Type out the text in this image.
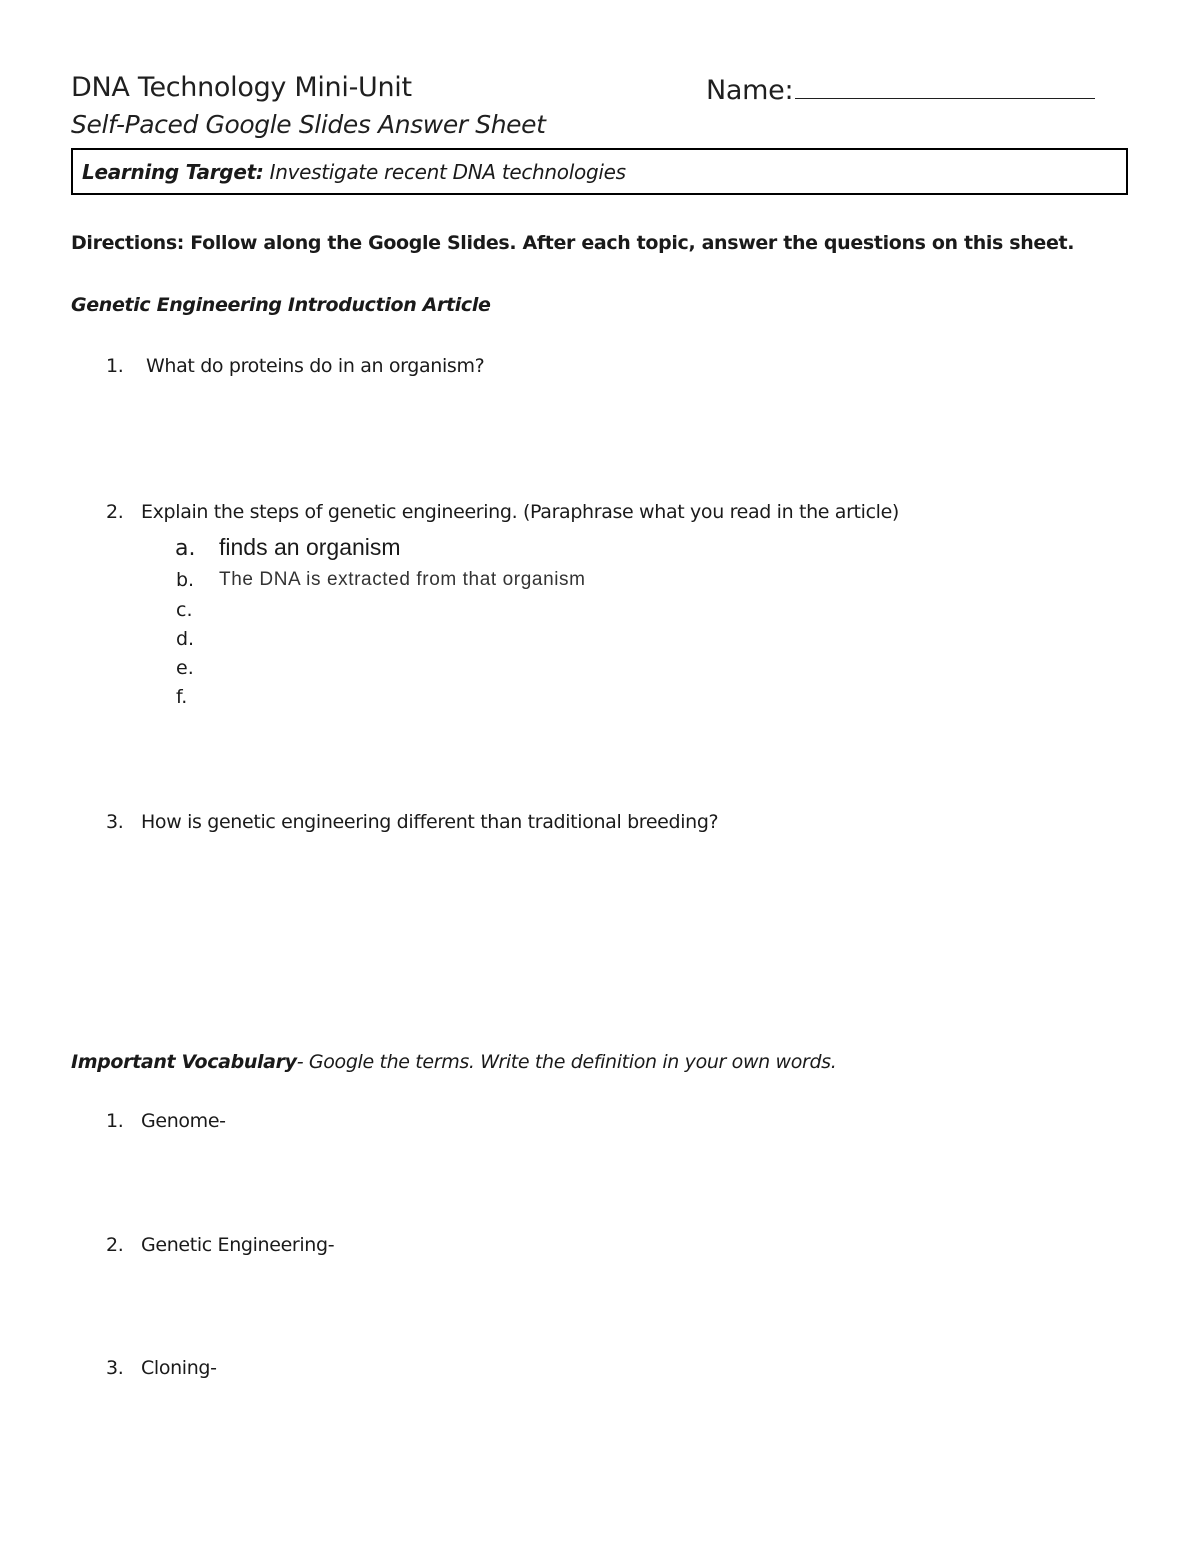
DNA Technology Mini-Unit	Name:
Self-Paced Google Slides Answer Sheet
Learning Target: Investigate recent DNA technologies
Directions: Follow along the Google Slides. After each topic, answer the questions on this sheet.
Genetic Engineering Introduction Article
1. What do proteins do in an organism?
2. Explain the steps of genetic engineering. (Paraphrase what you read in the article)
a. finds an organism
b. The DNA is extracted from that organism
c.
d.
e.
f.
3. How is genetic engineering different than traditional breeding?
Important Vocabulary- Google the terms. Write the definition in your own words.
1. Genome-
2. Genetic Engineering-
3. Cloning-
